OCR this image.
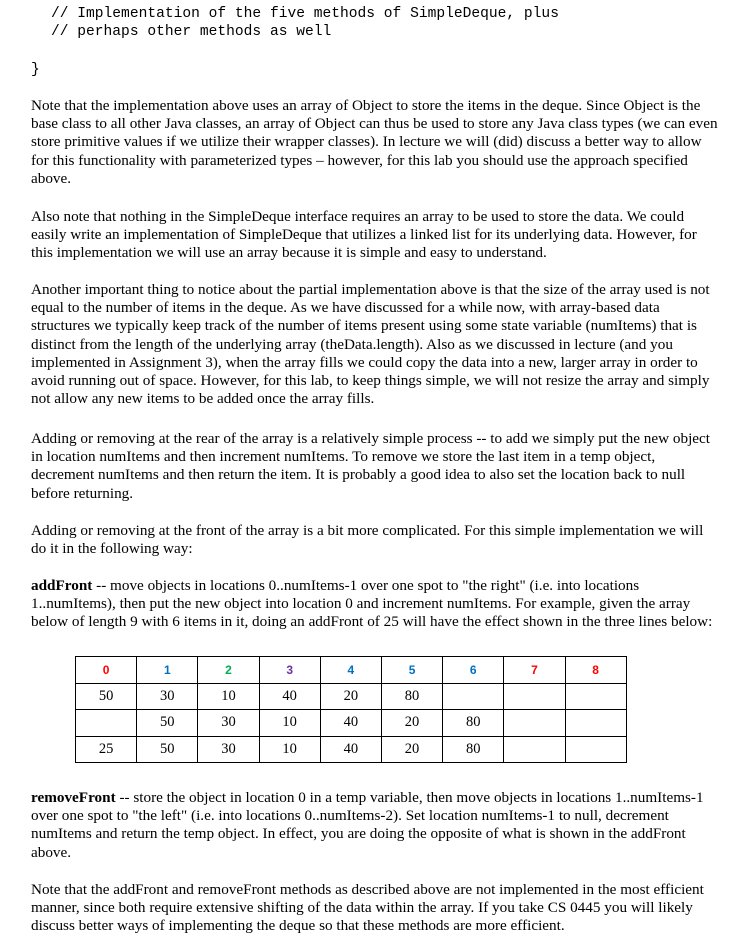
// Implementation of the five methods of SimpleDeque, plus
// perhaps other methods as well
}

Note that the implementation above uses an array of Object to store the items in the deque. Since Object is the base class to all other Java classes, an array of Object can thus be used to store any Java class types (we can even store primitive values if we utilize their wrapper classes). In lecture we will (did) discuss a better way to allow for this functionality with parameterized types – however, for this lab you should use the approach specified above.

Also note that nothing in the SimpleDeque interface requires an array to be used to store the data. We could easily write an implementation of SimpleDeque that utilizes a linked list for its underlying data. However, for this implementation we will use an array because it is simple and easy to understand.

Another important thing to notice about the partial implementation above is that the size of the array used is not equal to the number of items in the deque. As we have discussed for a while now, with array-based data structures we typically keep track of the number of items present using some state variable (numItems) that is distinct from the length of the underlying array (theData.length). Also as we discussed in lecture (and you implemented in Assignment 3), when the array fills we could copy the data into a new, larger array in order to avoid running out of space. However, for this lab, to keep things simple, we will not resize the array and simply not allow any new items to be added once the array fills.

Adding or removing at the rear of the array is a relatively simple process -- to add we simply put the new object in location numItems and then increment numItems. To remove we store the last item in a temp object, decrement numItems and then return the item. It is probably a good idea to also set the location back to null before returning.

Adding or removing at the front of the array is a bit more complicated. For this simple implementation we will do it in the following way:

addFront -- move objects in locations 0..numItems-1 over one spot to "the right" (i.e. into locations 1..numItems), then put the new object into location 0 and increment numItems. For example, given the array below of length 9 with 6 items in it, doing an addFront of 25 will have the effect shown in the three lines below:

0	1	2	3	4	5	6	7	8
50	30	10	40	20	80			
	50	30	10	40	20	80		
25	50	30	10	40	20	80		

removeFront -- store the object in location 0 in a temp variable, then move objects in locations 1..numItems-1 over one spot to "the left" (i.e. into locations 0..numItems-2). Set location numItems-1 to null, decrement numItems and return the temp object. In effect, you are doing the opposite of what is shown in the addFront above.

Note that the addFront and removeFront methods as described above are not implemented in the most efficient manner, since both require extensive shifting of the data within the array. If you take CS 0445 you will likely discuss better ways of implementing the deque so that these methods are more efficient.
